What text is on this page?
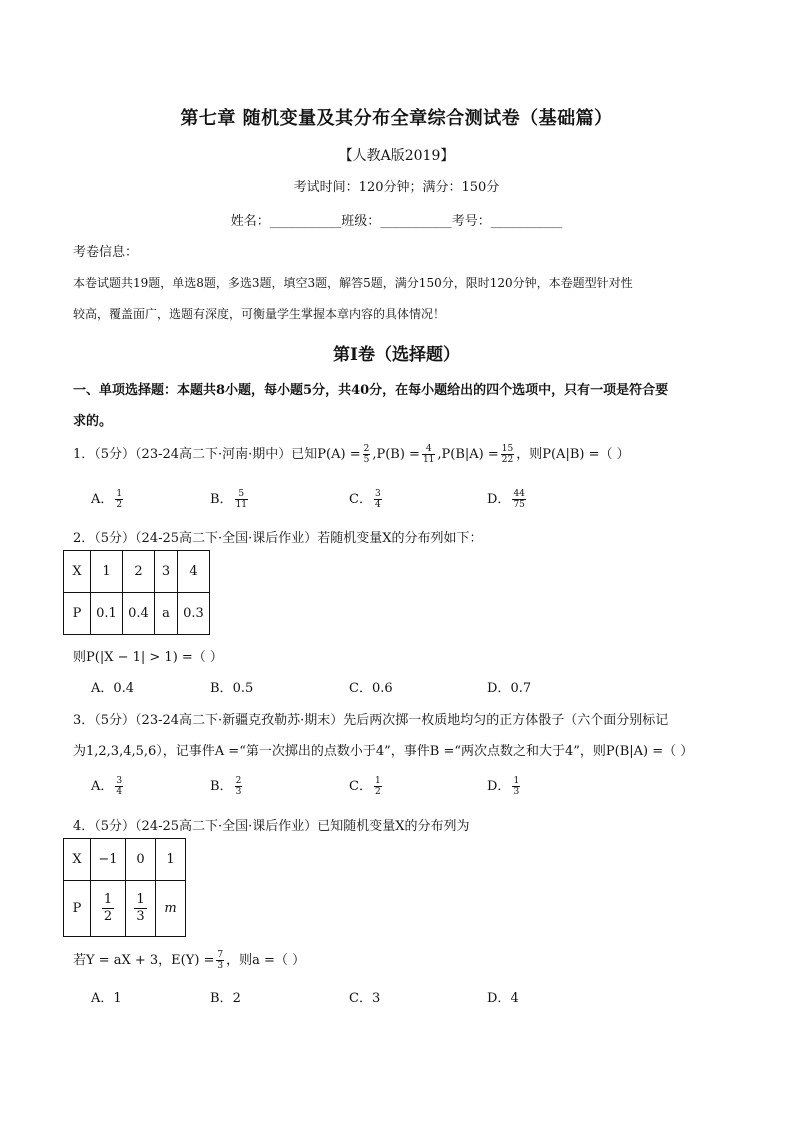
第七章 随机变量及其分布全章综合测试卷（基础篇）
【人教A版2019】
考试时间：120分钟；满分：150分
姓名：___________班级：___________考号：___________
考卷信息：
本卷试题共19题，单选8题，多选3题，填空3题，解答5题，满分150分，限时120分钟，本卷题型针对性
较高，覆盖面广，选题有深度，可衡量学生掌握本章内容的具体情况！
第I卷（选择题）
一、单项选择题：本题共8小题，每小题5分，共40分，在每小题给出的四个选项中，只有一项是符合要
求的。
1．（5分）（23-24高二下·河南·期中）已知$P(A) = \frac{2}{5} ,P(B) = \frac{4}{11} ,P(B|A) = \frac{15}{22}$ ，则P(A|B) =（ ）
A． $\frac{1}{2}$	B． $\frac{5}{11}$	C． $\frac{3}{4}$	D． $\frac{44}{75}$
2．（5分）（24-25高二下·全国·课后作业）若随机变量X的分布列如下：
X	1	2	3	4
P	0.1	0.4	a	0.3
则P(|X − 1| > 1) =（ ）
A．0.4	B．0.5	C．0.6	D．0.7
3．（5分）（23-24高二下·新疆克孜勒苏·期末）先后两次掷一枚质地均匀的正方体骰子（六个面分别标记
为1,2,3,4,5,6），记事件A =“第一次掷出的点数小于4”，事件B =“两次点数之和大于4”，则P(B|A) =（ ）
A． $\frac{3}{4}$	B． $\frac{2}{3}$	C． $\frac{1}{2}$	D． $\frac{1}{3}$
4．（5分）（24-25高二下·全国·课后作业）已知随机变量X的分布列为
X	−1	0	1
P	$\frac{1}{2}$	$\frac{1}{3}$	m
若Y = aX + 3，$E(Y) = \frac{7}{3}$ ，则a =（ ）
A．1	B．2	C．3	D．4
